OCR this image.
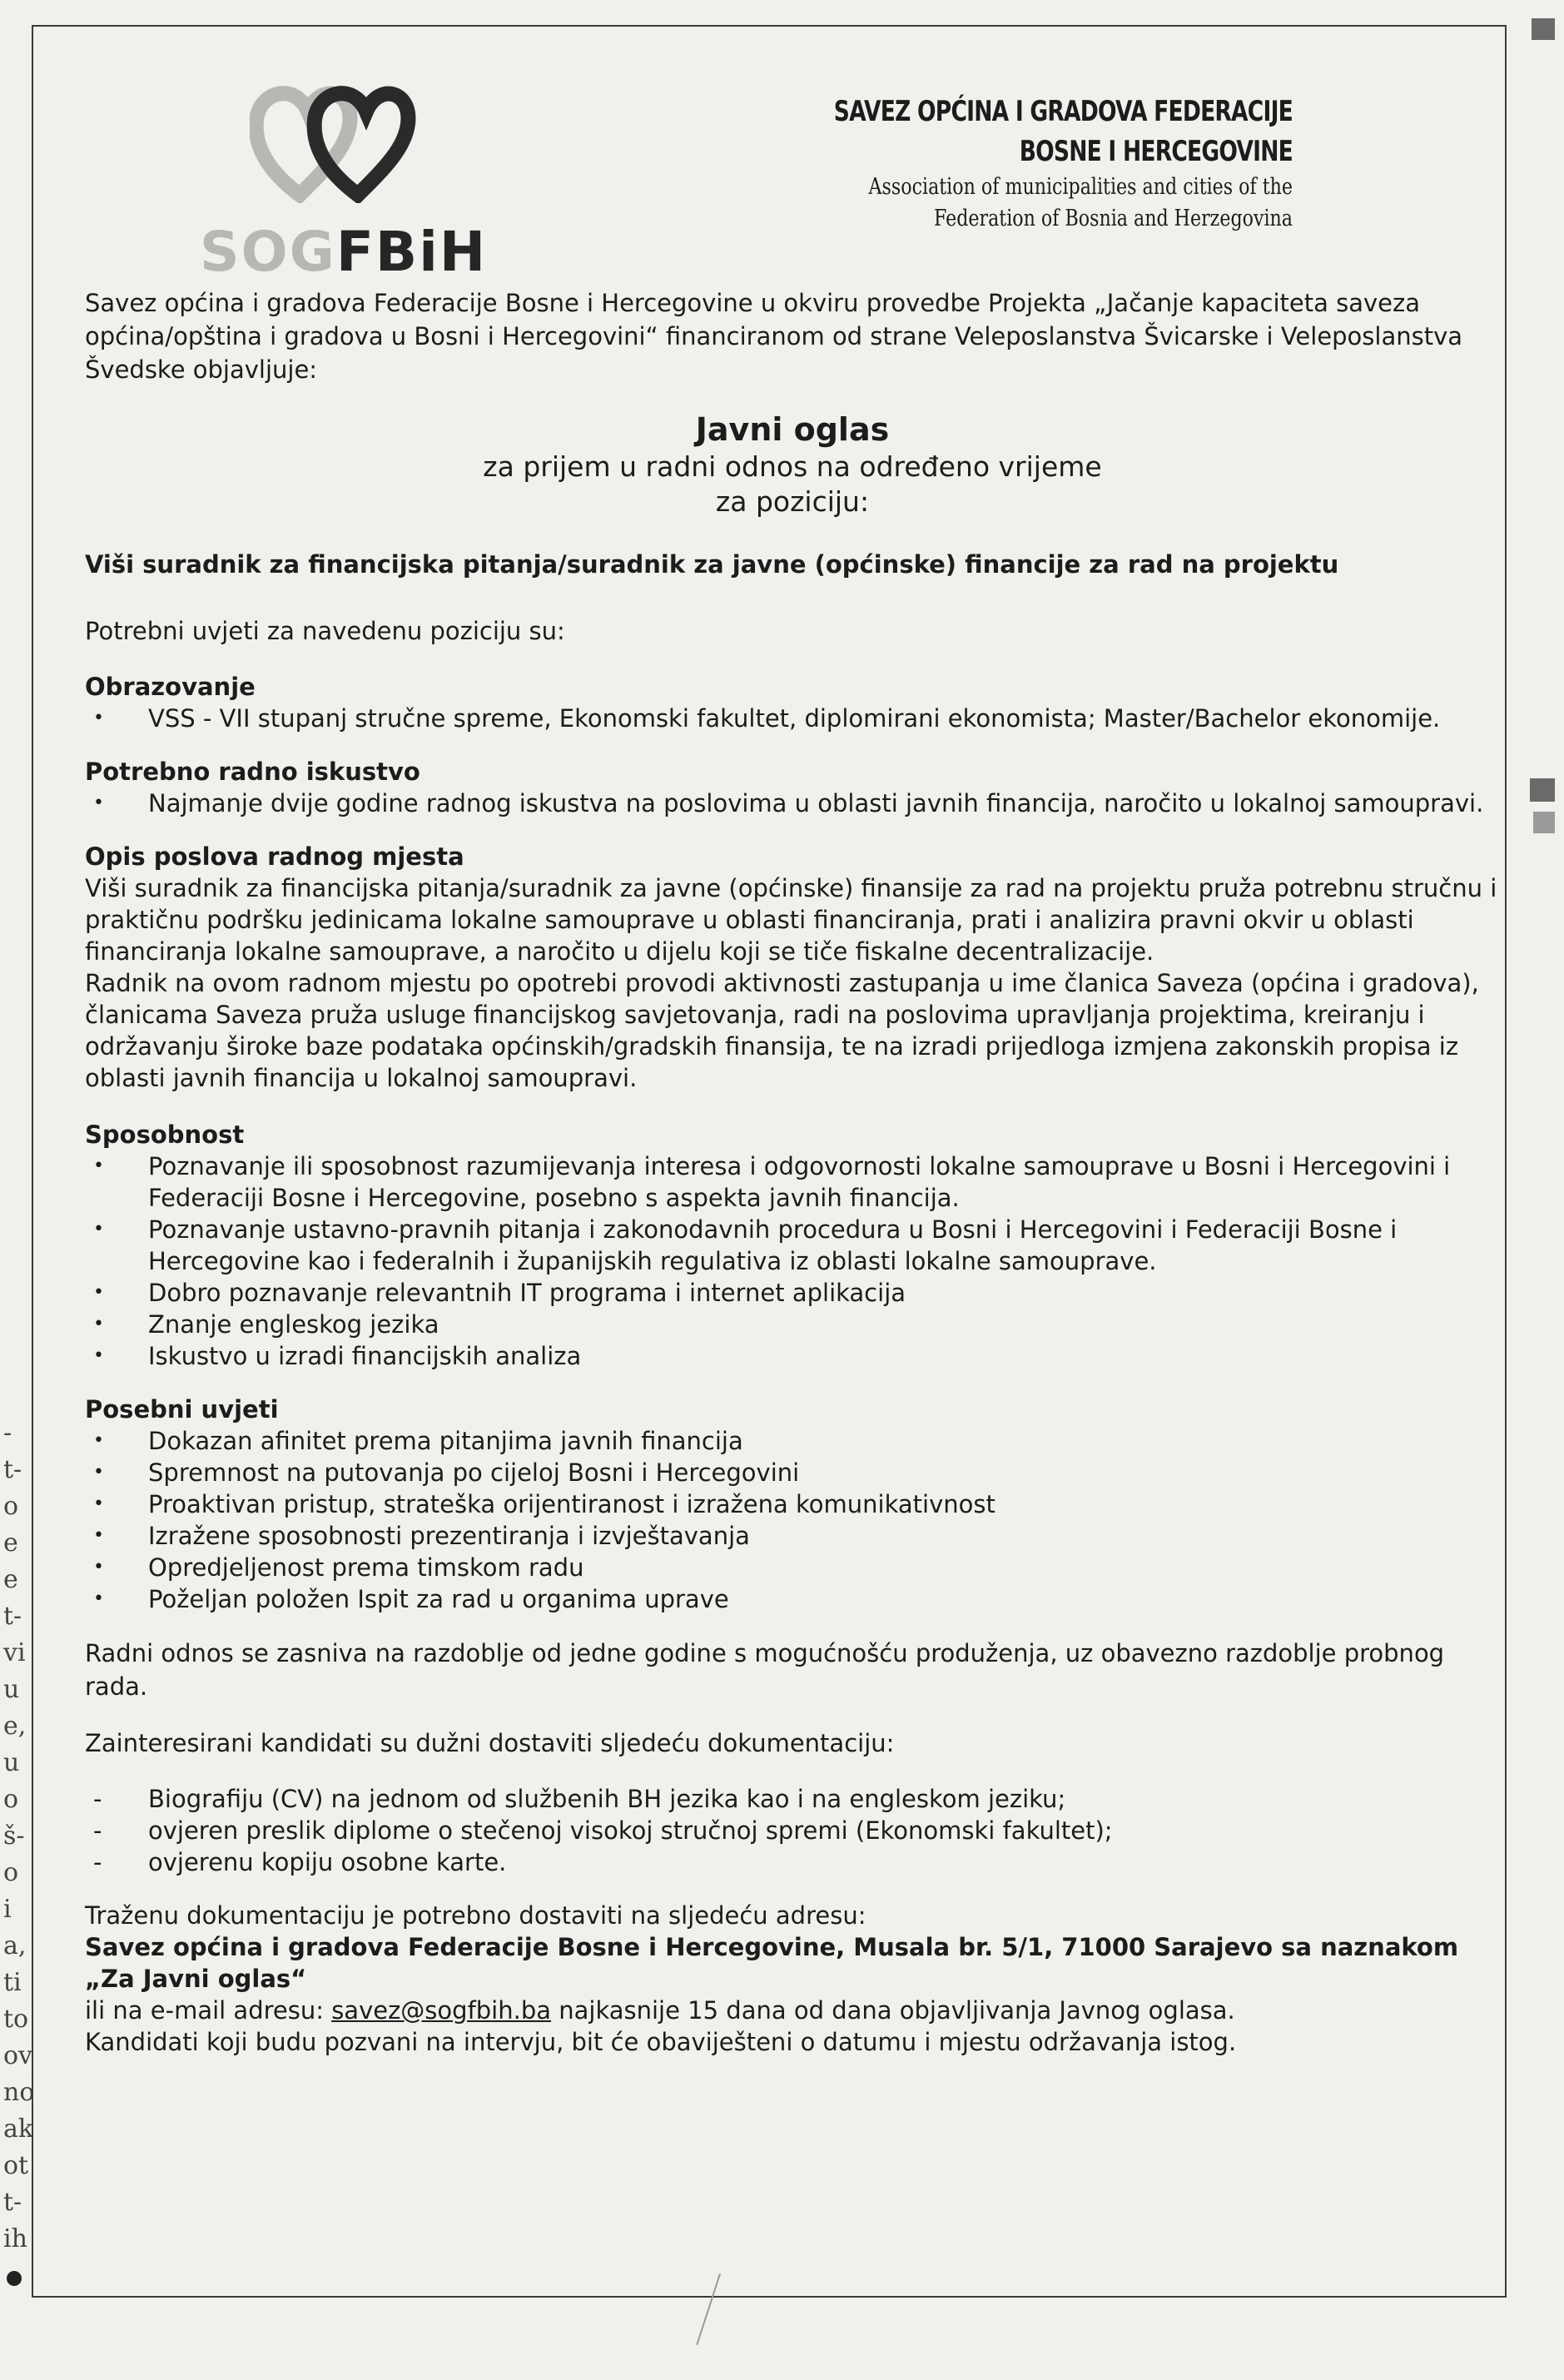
-
t-
o
e
e
t-
vi
u
e,
u
o
š-
o
i
a,
ti
to
ov
no
ak
ot
t-
ih
SOGFBiH
SAVEZ OPĆINA I GRADOVA FEDERACIJE
BOSNE I HERCEGOVINE
Association of municipalities and cities of the
Federation of Bosnia and Herzegovina

Savez općina i gradova Federacije Bosne i Hercegovine u okviru provedbe Projekta „Jačanje kapaciteta saveza općina/opština i gradova u Bosni i Hercegovini“ financiranom od strane Veleposlanstva Švicarske i Veleposlanstva Švedske objavljuje:

Javni oglas
za prijem u radni odnos na određeno vrijeme
za poziciju:
Viši suradnik za financijska pitanja/suradnik za javne (općinske) financije za rad na projektu

Potrebni uvjeti za navedenu poziciju su:

Obrazovanje

• VSS - VII stupanj stručne spreme, Ekonomski fakultet, diplomirani ekonomista; Master/Bachelor ekonomije.

Potrebno radno iskustvo

• Najmanje dvije godine radnog iskustva na poslovima u oblasti javnih financija, naročito u lokalnoj samoupravi.

Opis poslova radnog mjesta

Viši suradnik za financijska pitanja/suradnik za javne (općinske) finansije za rad na projektu pruža potrebnu stručnu i praktičnu podršku jedinicama lokalne samouprave u oblasti financiranja, prati i analizira pravni okvir u oblasti financiranja lokalne samouprave, a naročito u dijelu koji se tiče fiskalne decentralizacije.
Radnik na ovom radnom mjestu po opotrebi provodi aktivnosti zastupanja u ime članica Saveza (općina i gradova), članicama Saveza pruža usluge financijskog savjetovanja, radi na poslovima upravljanja projektima, kreiranju i održavanju široke baze podataka općinskih/gradskih finansija, te na izradi prijedloga izmjena zakonskih propisa iz oblasti javnih financija u lokalnoj samoupravi.

Sposobnost

• Poznavanje ili sposobnost razumijevanja interesa i odgovornosti lokalne samouprave u Bosni i Hercegovini i Federaciji Bosne i Hercegovine, posebno s aspekta javnih financija.
• Poznavanje ustavno-pravnih pitanja i zakonodavnih procedura u Bosni i Hercegovini i Federaciji Bosne i Hercegovine kao i federalnih i županijskih regulativa iz oblasti lokalne samouprave.
• Dobro poznavanje relevantnih IT programa i internet aplikacija
• Znanje engleskog jezika
• Iskustvo u izradi financijskih analiza

Posebni uvjeti

• Dokazan afinitet prema pitanjima javnih financija
• Spremnost na putovanja po cijeloj Bosni i Hercegovini
• Proaktivan pristup, strateška orijentiranost i izražena komunikativnost
• Izražene sposobnosti prezentiranja i izvještavanja
• Opredjeljenost prema timskom radu
• Poželjan položen Ispit za rad u organima uprave

Radni odnos se zasniva na razdoblje od jedne godine s mogućnošću produženja, uz obavezno razdoblje probnog rada.

Zainteresirani kandidati su dužni dostaviti sljedeću dokumentaciju:

- Biografiju (CV) na jednom od službenih BH jezika kao i na engleskom jeziku;
- ovjeren preslik diplome o stečenoj visokoj stručnoj spremi (Ekonomski fakultet);
- ovjerenu kopiju osobne karte.
Traženu dokumentaciju je potrebno dostaviti na sljedeću adresu:
Savez općina i gradova Federacije Bosne i Hercegovine, Musala br. 5/1, 71000 Sarajevo sa naznakom „Za Javni oglas“
ili na e-mail adresu: savez@sogfbih.ba najkasnije 15 dana od dana objavljivanja Javnog oglasa.
Kandidati koji budu pozvani na intervju, bit će obaviješteni o datumu i mjestu održavanja istog.
